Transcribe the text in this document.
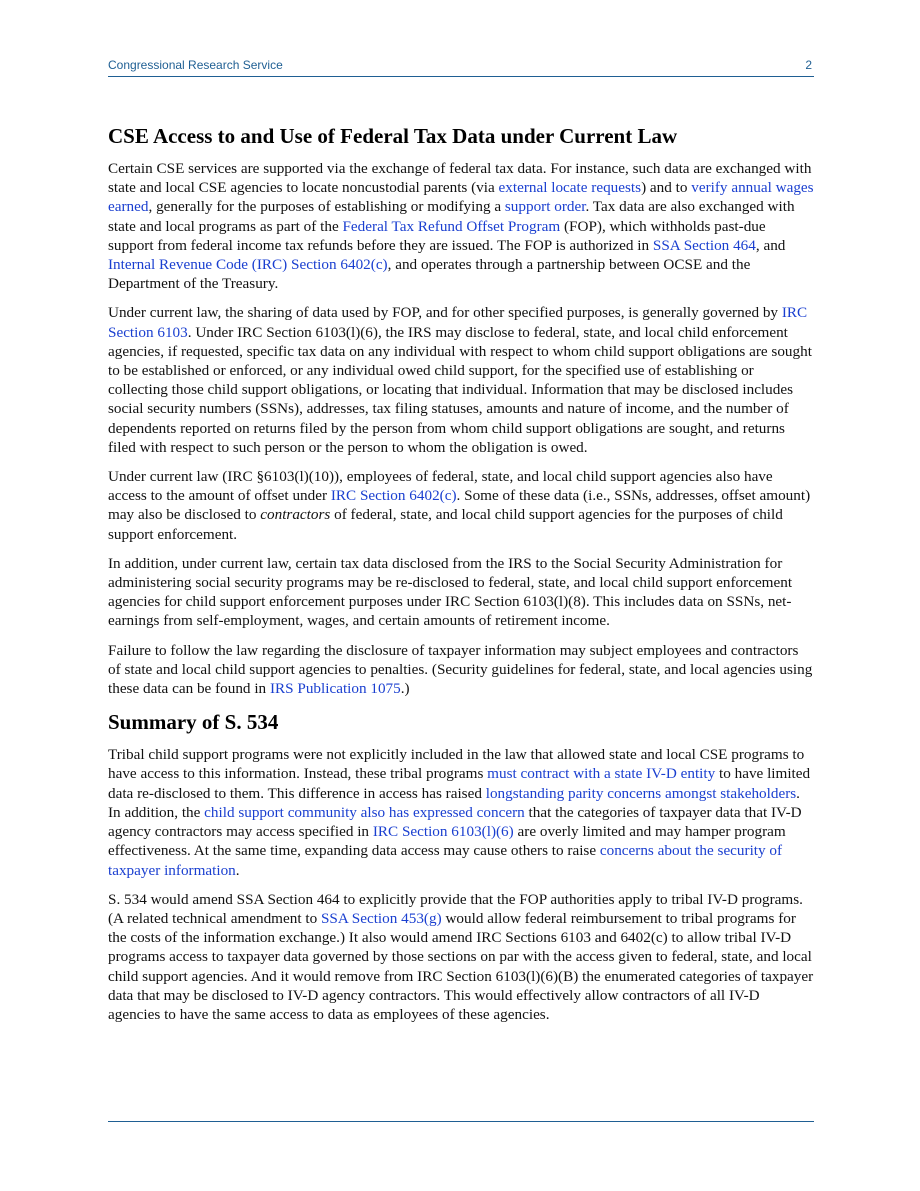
Congressional Research Service	2
CSE Access to and Use of Federal Tax Data under Current Law

Certain CSE services are supported via the exchange of federal tax data. For instance, such data are exchanged with state and local CSE agencies to locate noncustodial parents (via external locate requests) and to verify annual wages earned, generally for the purposes of establishing or modifying a support order. Tax data are also exchanged with state and local programs as part of the Federal Tax Refund Offset Program (FOP), which withholds past-due support from federal income tax refunds before they are issued. The FOP is authorized in SSA Section 464, and Internal Revenue Code (IRC) Section 6402(c), and operates through a partnership between OCSE and the Department of the Treasury.

Under current law, the sharing of data used by FOP, and for other specified purposes, is generally governed by IRC Section 6103. Under IRC Section 6103(l)(6), the IRS may disclose to federal, state, and local child enforcement agencies, if requested, specific tax data on any individual with respect to whom child support obligations are sought to be established or enforced, or any individual owed child support, for the specified use of establishing or collecting those child support obligations, or locating that individual. Information that may be disclosed includes social security numbers (SSNs), addresses, tax filing statuses, amounts and nature of income, and the number of dependents reported on returns filed by the person from whom child support obligations are sought, and returns filed with respect to such person or the person to whom the obligation is owed.

Under current law (IRC §6103(l)(10)), employees of federal, state, and local child support agencies also have access to the amount of offset under IRC Section 6402(c). Some of these data (i.e., SSNs, addresses, offset amount) may also be disclosed to contractors of federal, state, and local child support agencies for the purposes of child support enforcement.

In addition, under current law, certain tax data disclosed from the IRS to the Social Security Administration for administering social security programs may be re-disclosed to federal, state, and local child support enforcement agencies for child support enforcement purposes under IRC Section 6103(l)(8). This includes data on SSNs, net-earnings from self-employment, wages, and certain amounts of retirement income.

Failure to follow the law regarding the disclosure of taxpayer information may subject employees and contractors of state and local child support agencies to penalties. (Security guidelines for federal, state, and local agencies using these data can be found in IRS Publication 1075.)

Summary of S. 534

Tribal child support programs were not explicitly included in the law that allowed state and local CSE programs to have access to this information. Instead, these tribal programs must contract with a state IV-D entity to have limited data re-disclosed to them. This difference in access has raised longstanding parity concerns amongst stakeholders. In addition, the child support community also has expressed concern that the categories of taxpayer data that IV-D agency contractors may access specified in IRC Section 6103(l)(6) are overly limited and may hamper program effectiveness. At the same time, expanding data access may cause others to raise concerns about the security of taxpayer information.

S. 534 would amend SSA Section 464 to explicitly provide that the FOP authorities apply to tribal IV-D programs. (A related technical amendment to SSA Section 453(g) would allow federal reimbursement to tribal programs for the costs of the information exchange.) It also would amend IRC Sections 6103 and 6402(c) to allow tribal IV-D programs access to taxpayer data governed by those sections on par with the access given to federal, state, and local child support agencies. And it would remove from IRC Section 6103(l)(6)(B) the enumerated categories of taxpayer data that may be disclosed to IV-D agency contractors. This would effectively allow contractors of all IV-D agencies to have the same access to data as employees of these agencies.
